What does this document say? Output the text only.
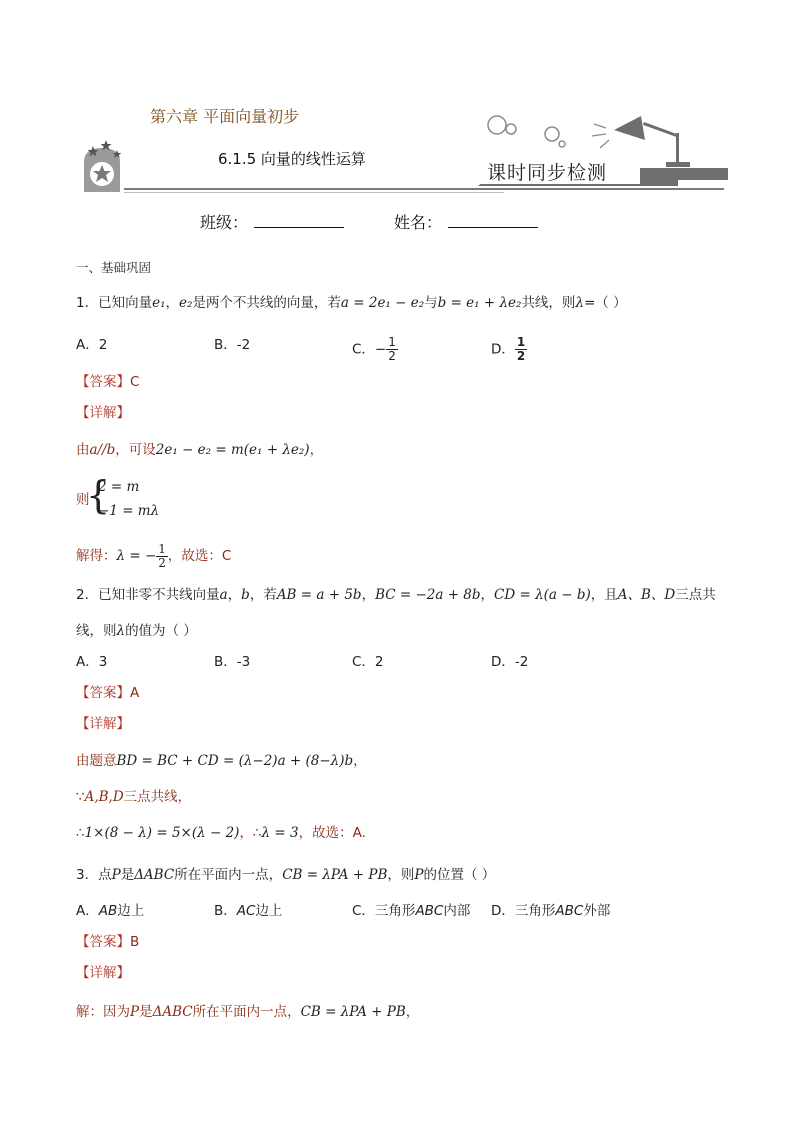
第六章 平面向量初步
6.1.5 向量的线性运算
课时同步检测
班级：	姓名：
一、基础巩固
1．已知向量e₁，e₂是两个不共线的向量，若a = 2e₁ − e₂与b = e₁ + λe₂共线，则λ=（ ）
A．2	B．-2	C．− $\frac{1}{2}$	D． $\frac{1}{2}$
【答案】C
【详解】
由a//b，可设2e₁ − e₂ = m(e₁ + λe₂)，
则
{
2 = m
−1 = mλ
解得：λ = − $\frac{1}{2}$ ，故选：C
2．已知非零不共线向量a，b，若AB = a + 5b，BC = −2a + 8b，CD = λ(a − b)，且A、B、D三点共
线，则λ的值为（ ）
A．3	B．-3	C．2	D．-2
【答案】A
【详解】
由题意BD = BC + CD = (λ−2)a + (8−λ)b，
∵A,B,D三点共线，
∴1×(8 − λ) = 5×(λ − 2)，∴λ = 3，故选：A.
3．点P是ΔABC所在平面内一点，CB = λPA + PB，则P的位置（ ）
A．AB边上	B．AC边上	C．三角形ABC内部 D．三角形ABC外部
【答案】B
【详解】
解：因为P是ΔABC所在平面内一点，CB = λPA + PB，
